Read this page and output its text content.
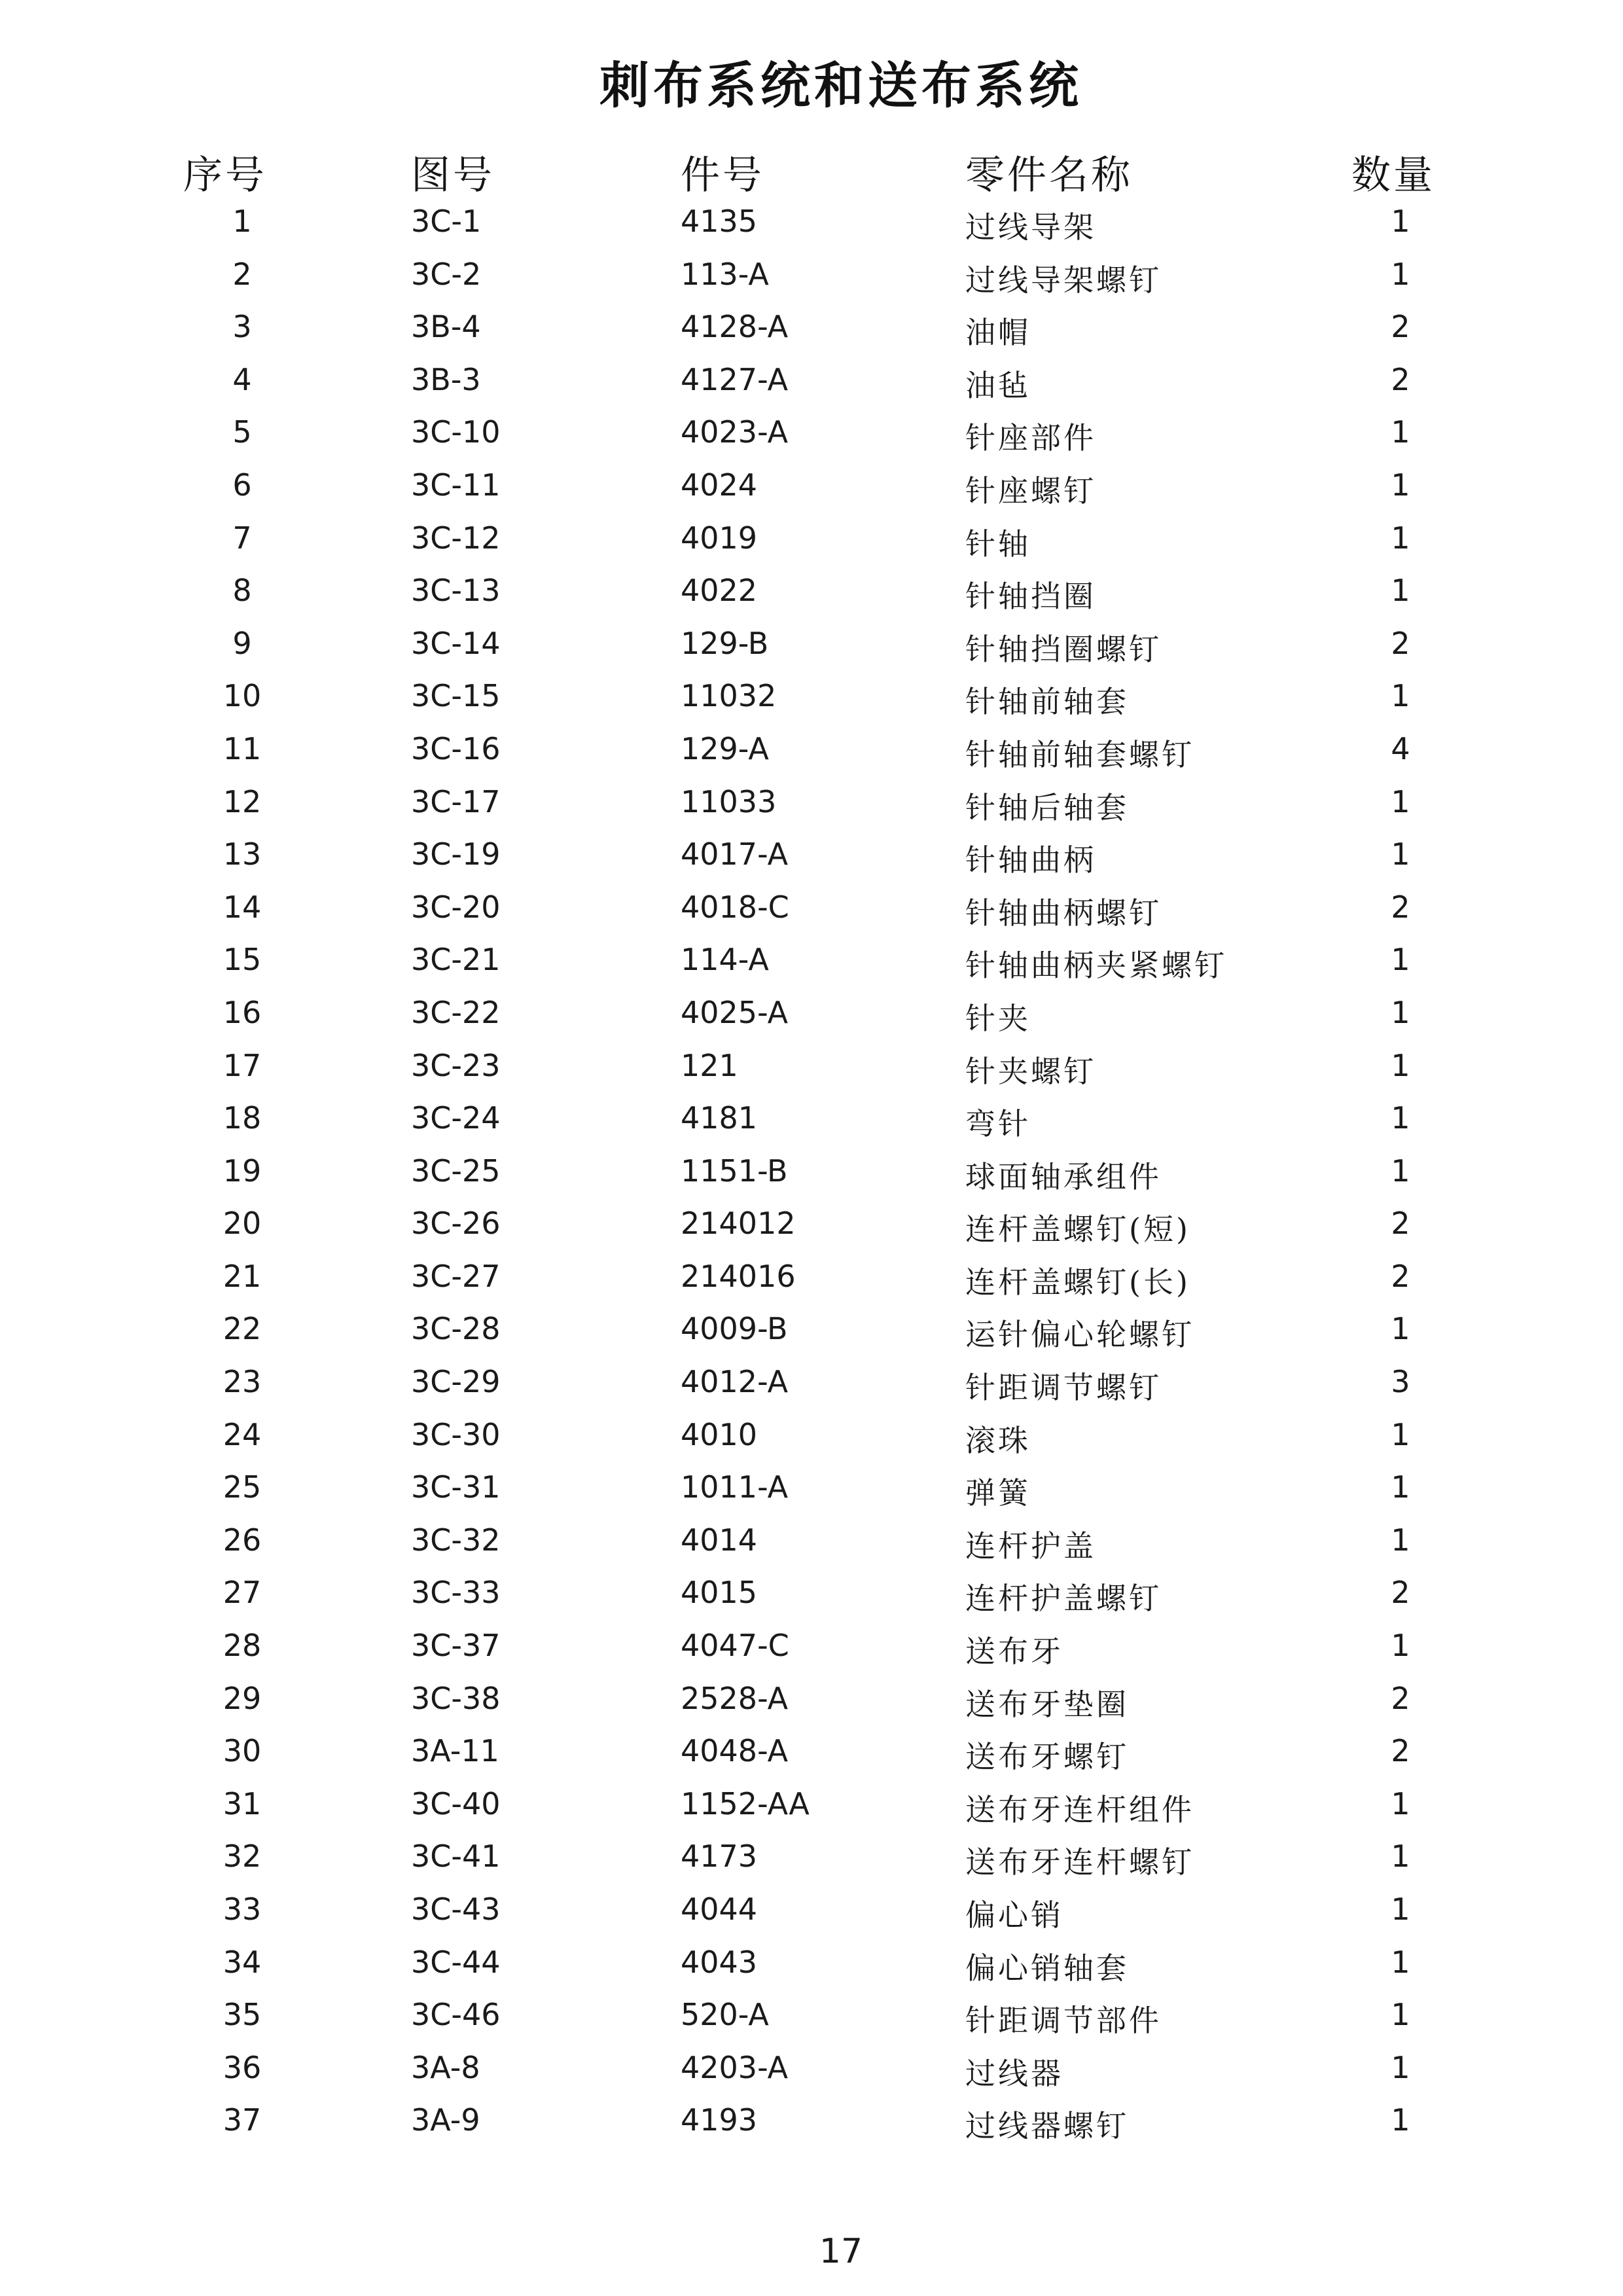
刺布系统和送布系统
序号	图号	件号	零件名称	数量
1	3C-1	4135	过线导架	1
2	3C-2	113-A	过线导架螺钉	1
3	3B-4	4128-A	油帽	2
4	3B-3	4127-A	油毡	2
5	3C-10	4023-A	针座部件	1
6	3C-11	4024	针座螺钉	1
7	3C-12	4019	针轴	1
8	3C-13	4022	针轴挡圈	1
9	3C-14	129-B	针轴挡圈螺钉	2
10	3C-15	11032	针轴前轴套	1
11	3C-16	129-A	针轴前轴套螺钉	4
12	3C-17	11033	针轴后轴套	1
13	3C-19	4017-A	针轴曲柄	1
14	3C-20	4018-C	针轴曲柄螺钉	2
15	3C-21	114-A	针轴曲柄夹紧螺钉	1
16	3C-22	4025-A	针夹	1
17	3C-23	121	针夹螺钉	1
18	3C-24	4181	弯针	1
19	3C-25	1151-B	球面轴承组件	1
20	3C-26	214012	连杆盖螺钉(短)	2
21	3C-27	214016	连杆盖螺钉(长)	2
22	3C-28	4009-B	运针偏心轮螺钉	1
23	3C-29	4012-A	针距调节螺钉	3
24	3C-30	4010	滚珠	1
25	3C-31	1011-A	弹簧	1
26	3C-32	4014	连杆护盖	1
27	3C-33	4015	连杆护盖螺钉	2
28	3C-37	4047-C	送布牙	1
29	3C-38	2528-A	送布牙垫圈	2
30	3A-11	4048-A	送布牙螺钉	2
31	3C-40	1152-AA	送布牙连杆组件	1
32	3C-41	4173	送布牙连杆螺钉	1
33	3C-43	4044	偏心销	1
34	3C-44	4043	偏心销轴套	1
35	3C-46	520-A	针距调节部件	1
36	3A-8	4203-A	过线器	1
37	3A-9	4193	过线器螺钉	1
17
